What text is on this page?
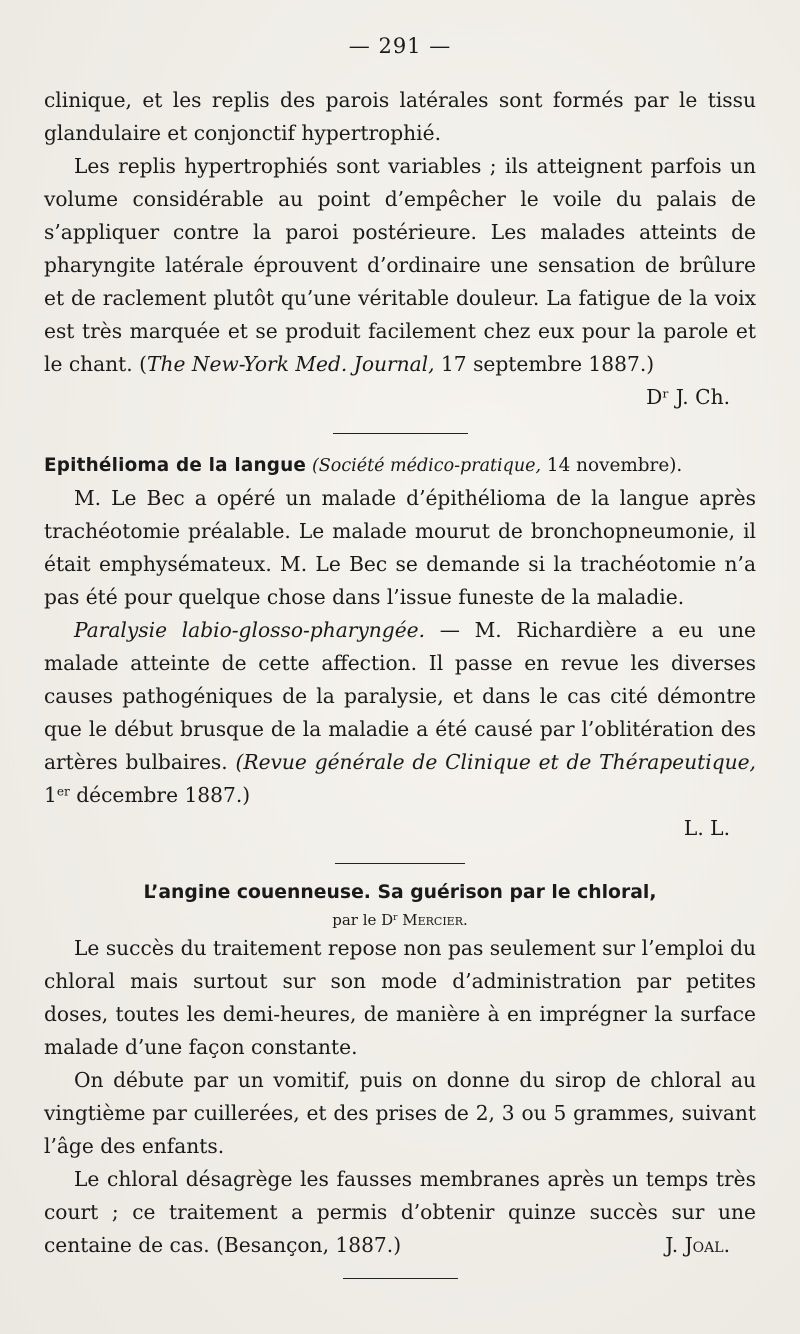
— 291 —

clinique, et les replis des parois latérales sont formés par le tissu glandulaire et conjonctif hypertrophié.

Les replis hypertrophiés sont variables ; ils atteignent parfois un volume considérable au point d’empêcher le voile du palais de s’appliquer contre la paroi postérieure. Les malades atteints de pharyngite latérale éprouvent d’ordinaire une sensation de brûlure et de raclement plutôt qu’une véritable douleur. La fatigue de la voix est très marquée et se produit facilement chez eux pour la parole et le chant. (The New-York Med. Journal, 17 septembre 1887.)

Dʳ J. Ch.

Epithélioma de la langue (Société médico-pratique, 14 novembre).

M. Le Bec a opéré un malade d’épithélioma de la langue après trachéotomie préalable. Le malade mourut de bronchopneumonie, il était emphysémateux. M. Le Bec se demande si la trachéotomie n’a pas été pour quelque chose dans l’issue funeste de la maladie.

Paralysie labio-glosso-pharyngée. — M. Richardière a eu une malade atteinte de cette affection. Il passe en revue les diverses causes pathogéniques de la paralysie, et dans le cas cité démontre que le début brusque de la maladie a été causé par l’oblitération des artères bulbaires. (Revue générale de Clinique et de Thérapeutique, 1er décembre 1887.)

L. L.

L’angine couenneuse. Sa guérison par le chloral,

par le $D^r$ Mercier.

Le succès du traitement repose non pas seulement sur l’emploi du chloral mais surtout sur son mode d’administration par petites doses, toutes les demi-heures, de manière à en imprégner la surface malade d’une façon constante.

On débute par un vomitif, puis on donne du sirop de chloral au vingtième par cuillerées, et des prises de 2, 3 ou 5 grammes, suivant l’âge des enfants.

Le chloral désagrège les fausses membranes après un temps très court ; ce traitement a permis d’obtenir quinze succès sur une centaine de cas. (Besançon, 1887.)	J. Joal.
